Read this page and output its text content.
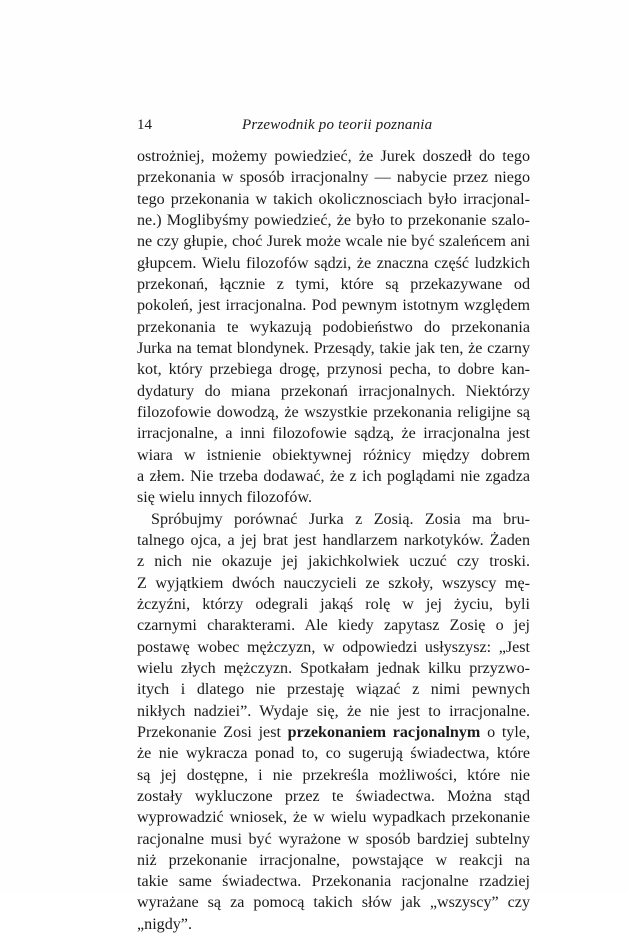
14	Przewodnik po teorii poznania
ostrożniej, możemy powiedzieć, że Jurek doszedł do tego
przekonania w sposób irracjonalny — nabycie przez niego
tego przekonania w takich okolicznosciach było irracjonal-
ne.) Moglibyśmy powiedzieć, że było to przekonanie szalo-
ne czy głupie, choć Jurek może wcale nie być szaleńcem ani
głupcem. Wielu filozofów sądzi, że znaczna część ludzkich
przekonań, łącznie z tymi, które są przekazywane od
pokoleń, jest irracjonalna. Pod pewnym istotnym względem
przekonania te wykazują podobieństwo do przekonania
Jurka na temat blondynek. Przesądy, takie jak ten, że czarny
kot, który przebiega drogę, przynosi pecha, to dobre kan-
dydatury do miana przekonań irracjonalnych. Niektórzy
filozofowie dowodzą, że wszystkie przekonania religijne są
irracjonalne, a inni filozofowie sądzą, że irracjonalna jest
wiara w istnienie obiektywnej różnicy między dobrem
a złem. Nie trzeba dodawać, że z ich poglądami nie zgadza
się wielu innych filozofów.
Spróbujmy porównać Jurka z Zosią. Zosia ma bru-
talnego ojca, a jej brat jest handlarzem narkotyków. Żaden
z nich nie okazuje jej jakichkolwiek uczuć czy troski.
Z wyjątkiem dwóch nauczycieli ze szkoły, wszyscy mę-
żczyźni, którzy odegrali jakąś rolę w jej życiu, byli
czarnymi charakterami. Ale kiedy zapytasz Zosię o jej
postawę wobec mężczyzn, w odpowiedzi usłyszysz: „Jest
wielu złych mężczyzn. Spotkałam jednak kilku przyzwo-
itych i dlatego nie przestaję wiązać z nimi pewnych
nikłych nadziei”. Wydaje się, że nie jest to irracjonalne.
Przekonanie Zosi jest przekonaniem racjonalnym o tyle,
że nie wykracza ponad to, co sugerują świadectwa, które
są jej dostępne, i nie przekreśla możliwości, które nie
zostały wykluczone przez te świadectwa. Można stąd
wyprowadzić wniosek, że w wielu wypadkach przekonanie
racjonalne musi być wyrażone w sposób bardziej subtelny
niż przekonanie irracjonalne, powstające w reakcji na
takie same świadectwa. Przekonania racjonalne rzadziej
wyrażane są za pomocą takich słów jak „wszyscy” czy
„nigdy”.
